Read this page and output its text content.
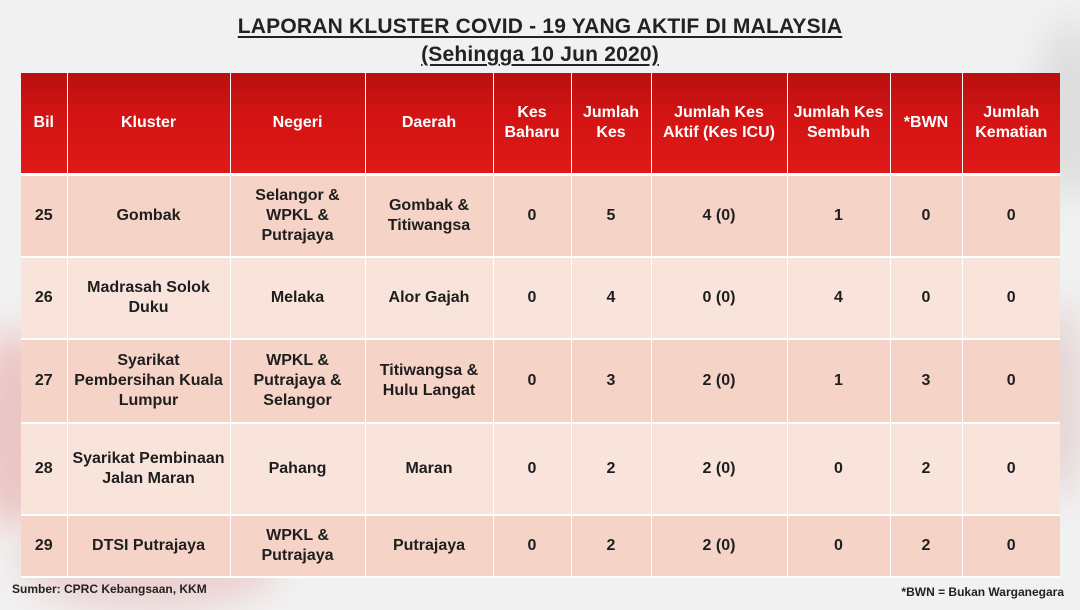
LAPORAN KLUSTER COVID - 19 YANG AKTIF DI MALAYSIA
(Sehingga 10 Jun 2020)
Bil	Kluster	Negeri	Daerah	Kes Baharu	Jumlah Kes	Jumlah Kes Aktif (Kes ICU)	Jumlah Kes Sembuh	*BWN	Jumlah Kematian
25	Gombak	Selangor & WPKL & Putrajaya	Gombak & Titiwangsa	0	5	4 (0)	1	0	0
26	Madrasah Solok Duku	Melaka	Alor Gajah	0	4	0 (0)	4	0	0
27	Syarikat Pembersihan Kuala Lumpur	WPKL & Putrajaya & Selangor	Titiwangsa & Hulu Langat	0	3	2 (0)	1	3	0
28	Syarikat Pembinaan Jalan Maran	Pahang	Maran	0	2	2 (0)	0	2	0
29	DTSI Putrajaya	WPKL & Putrajaya	Putrajaya	0	2	2 (0)	0	2	0
Sumber: CPRC Kebangsaan, KKM	*BWN = Bukan Warganegara
